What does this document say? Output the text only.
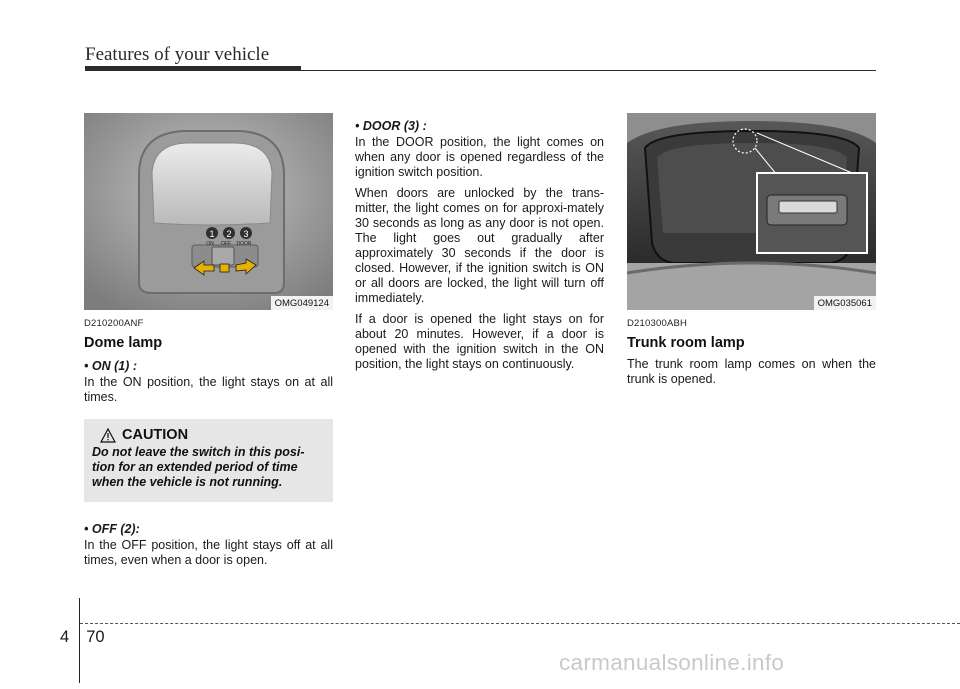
Features of your vehicle
1 2 3
ON OFF DOOR
OMG049124
D210200ANF
Dome lamp
• ON (1) :
In the ON position, the light stays on at all times.
CAUTION
Do not leave the switch in this posi-tion for an extended period of time when the vehicle is not running.
• OFF (2):
In the OFF position, the light stays off at all times, even when a door is open.
• DOOR (3) :
In the DOOR position, the light comes on when any door is opened regardless of the ignition switch position.
When doors are unlocked by the trans-mitter, the light comes on for approxi-mately 30 seconds as long as any door is not open. The light goes out gradually after approximately 30 seconds if the door is closed. However, if the ignition switch is ON or all doors are locked, the light will turn off immediately.
If a door is opened the light stays on for about 20 minutes. However, if a door is opened with the ignition switch in the ON position, the light stays on continuously.
OMG035061
D210300ABH
Trunk room lamp
The trunk room lamp comes on when the trunk is opened.
4 70
carmanualsonline.info
